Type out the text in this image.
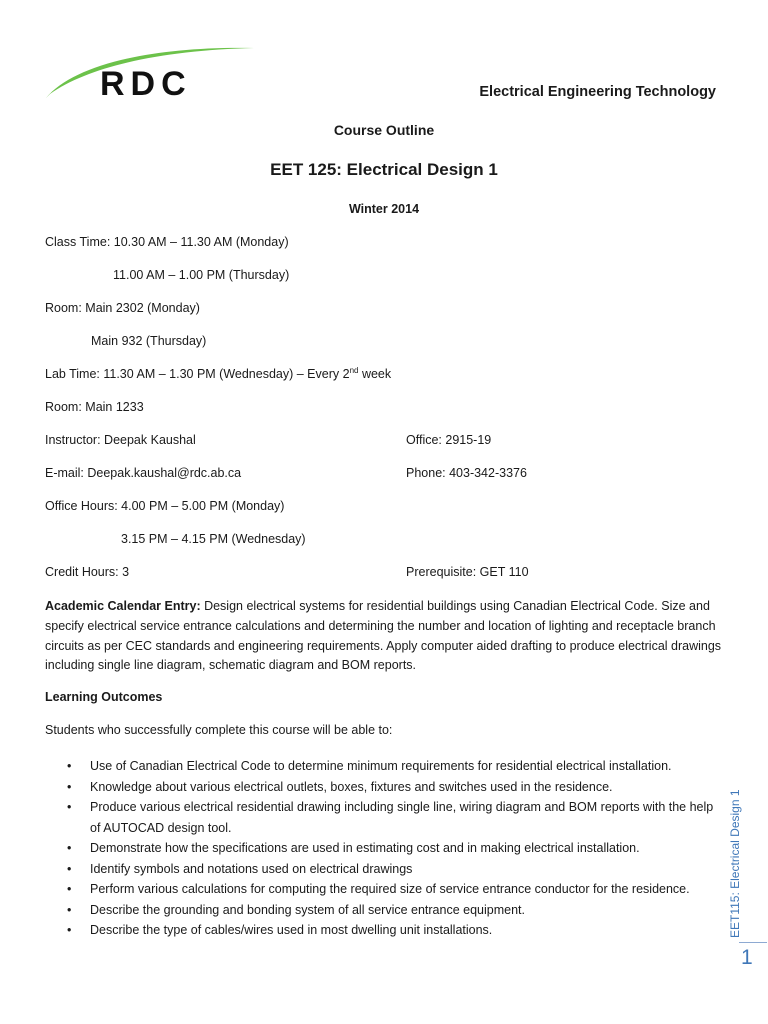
RDC	Electrical Engineering Technology
Course Outline
EET 125: Electrical Design 1
Winter 2014
Class Time: 10.30 AM – 11.30 AM (Monday)
11.00 AM – 1.00 PM (Thursday)
Room: Main 2302 (Monday)
Main 932 (Thursday)
Lab Time: 11.30 AM – 1.30 PM (Wednesday) – Every 2nd week
Room: Main 1233
Instructor: Deepak Kaushal	Office: 2915-19
E-mail: Deepak.kaushal@rdc.ab.ca	Phone: 403-342-3376
Office Hours: 4.00 PM – 5.00 PM (Monday)
3.15 PM – 4.15 PM (Wednesday)
Credit Hours: 3	Prerequisite: GET 110
Academic Calendar Entry: Design electrical systems for residential buildings using Canadian Electrical Code. Size and specify electrical service entrance calculations and determining the number and location of lighting and receptacle branch circuits as per CEC standards and engineering requirements. Apply computer aided drafting to produce electrical drawings including single line diagram, schematic diagram and BOM reports.
Learning Outcomes
Students who successfully complete this course will be able to:
• Use of Canadian Electrical Code to determine minimum requirements for residential electrical installation.
• Knowledge about various electrical outlets, boxes, fixtures and switches used in the residence.
• Produce various electrical residential drawing including single line, wiring diagram and BOM reports with the help of AUTOCAD design tool.
• Demonstrate how the specifications are used in estimating cost and in making electrical installation.
• Identify symbols and notations used on electrical drawings
• Perform various calculations for computing the required size of service entrance conductor for the residence.
• Describe the grounding and bonding system of all service entrance equipment.
• Describe the type of cables/wires used in most dwelling unit installations.	EET115: Electrical Design 1
1
